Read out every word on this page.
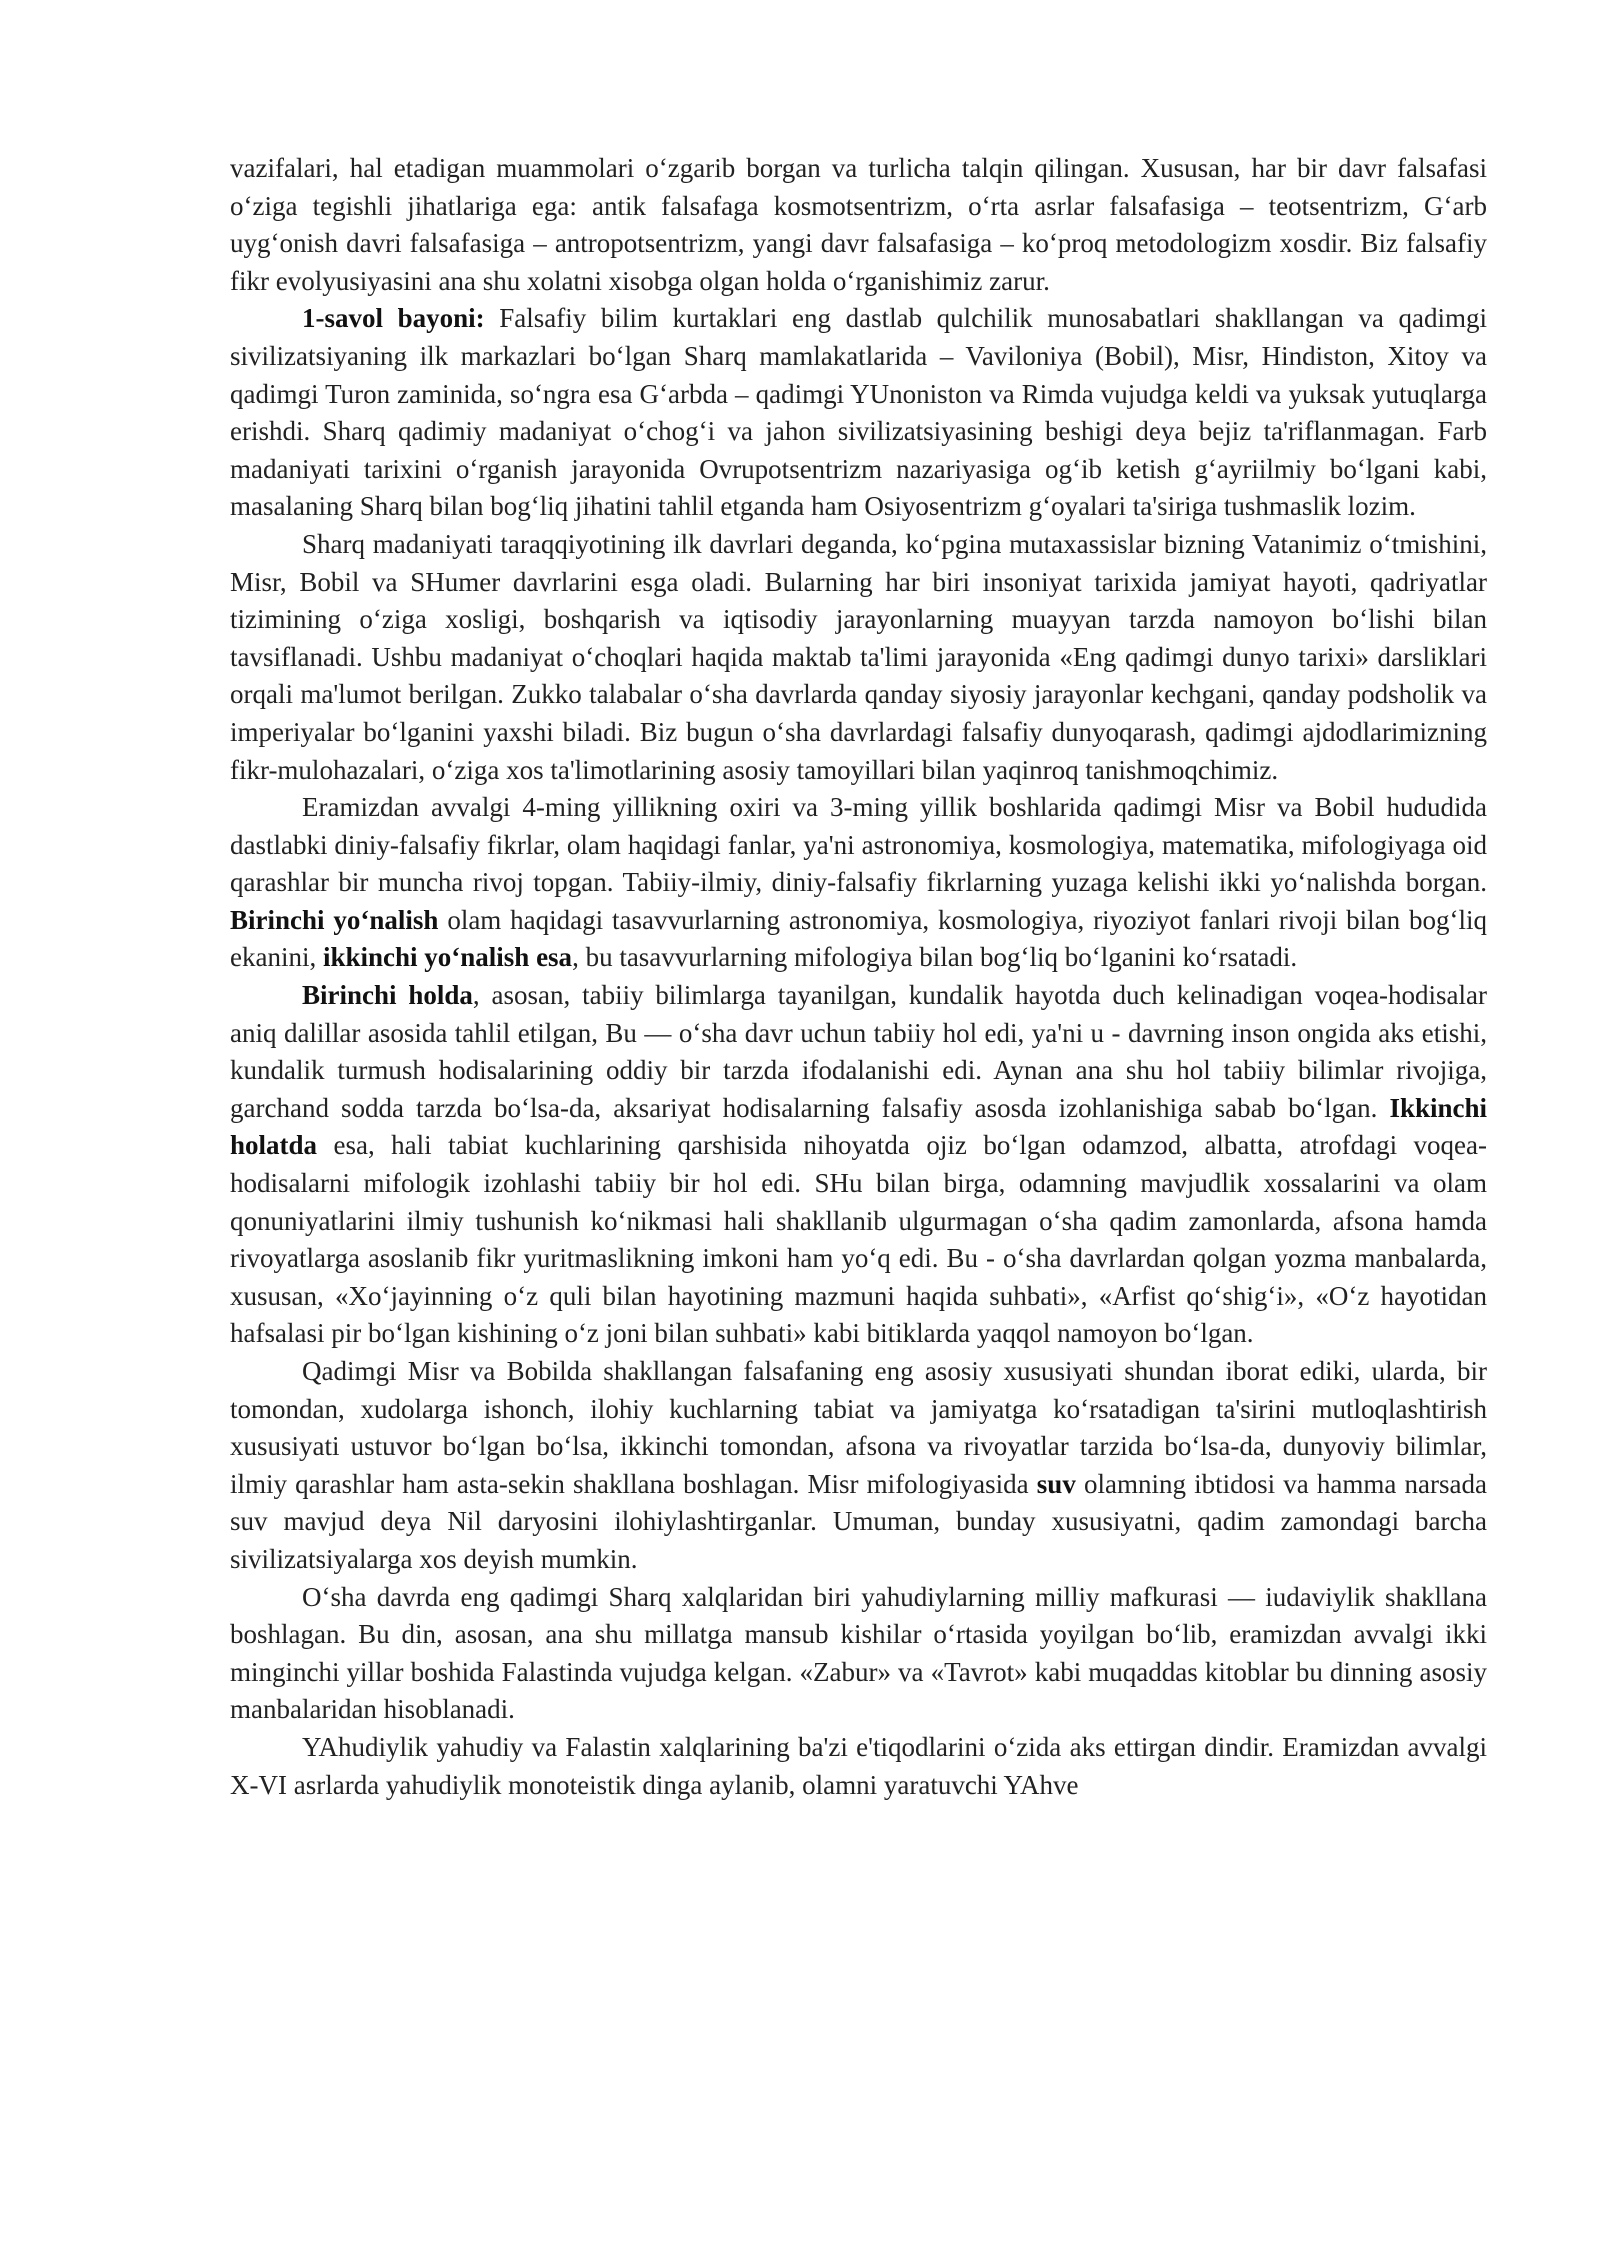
vazifalari, hal etadigan muammolari o‘zgarib borgan va turlicha talqin qilingan. Xususan, har bir davr falsafasi o‘ziga tegishli jihatlariga ega: antik falsafaga kosmotsentrizm, o‘rta asrlar falsafasiga – teotsentrizm, G‘arb uyg‘onish davri falsafasiga – antropotsentrizm, yangi davr falsafasiga – ko‘proq metodologizm xosdir. Biz falsafiy fikr evolyusiyasini ana shu xolatni xisobga olgan holda o‘rganishimiz zarur.

1-savol bayoni: Falsafiy bilim kurtaklari eng dastlab qulchilik munosabatlari shakllangan va qadimgi sivilizatsiyaning ilk markazlari bo‘lgan Sharq mamlakatlarida – Vaviloniya (Bobil), Misr, Hindiston, Xitoy va qadimgi Turon zaminida, so‘ngra esa G‘arbda – qadimgi YUnoniston va Rimda vujudga keldi va yuksak yutuqlarga erishdi. Sharq qadimiy madaniyat o‘chog‘i va jahon sivilizatsiyasining beshigi deya bejiz ta'riflanmagan. Farb madaniyati tarixini o‘rganish jarayonida Ovrupotsentrizm nazariyasiga og‘ib ketish g‘ayriilmiy bo‘lgani kabi, masalaning Sharq bilan bog‘liq jihatini tahlil etganda ham Osiyosentrizm g‘oyalari ta'siriga tushmaslik lozim.

Sharq madaniyati taraqqiyotining ilk davrlari deganda, ko‘pgina mutaxassislar bizning Vatanimiz o‘tmishini, Misr, Bobil va SHumer davrlarini esga oladi. Bularning har biri insoniyat tarixida jamiyat hayoti, qadriyatlar tizimining o‘ziga xosligi, boshqarish va iqtisodiy jarayonlarning muayyan tarzda namoyon bo‘lishi bilan tavsiflanadi. Ushbu madaniyat o‘choqlari haqida maktab ta'limi jarayonida «Eng qadimgi dunyo tarixi» darsliklari orqali ma'lumot berilgan. Zukko talabalar o‘sha davrlarda qanday siyosiy jarayonlar kechgani, qanday podsholik va imperiyalar bo‘lganini yaxshi biladi. Biz bugun o‘sha davrlardagi falsafiy dunyoqarash, qadimgi ajdodlarimizning fikr-mulohazalari, o‘ziga xos ta'limotlarining asosiy tamoyillari bilan yaqinroq tanishmoqchimiz.

Eramizdan avvalgi 4-ming yillikning oxiri va 3-ming yillik boshlarida qadimgi Misr va Bobil hududida dastlabki diniy-falsafiy fikrlar, olam haqidagi fanlar, ya'ni astronomiya, kosmologiya, matematika, mifologiyaga oid qarashlar bir muncha rivoj topgan. Tabiiy-ilmiy, diniy-falsafiy fikrlarning yuzaga kelishi ikki yo‘nalishda borgan. Birinchi yo‘nalish olam haqidagi tasavvurlarning astronomiya, kosmologiya, riyoziyot fanlari rivoji bilan bog‘liq ekanini, ikkinchi yo‘nalish esa, bu tasavvurlarning mifologiya bilan bog‘liq bo‘lganini ko‘rsatadi.

Birinchi holda, asosan, tabiiy bilimlarga tayanilgan, kundalik hayotda duch kelinadigan voqea-hodisalar aniq dalillar asosida tahlil etilgan, Bu — o‘sha davr uchun tabiiy hol edi, ya'ni u - davrning inson ongida aks etishi, kundalik turmush hodisalarining oddiy bir tarzda ifodalanishi edi. Aynan ana shu hol tabiiy bilimlar rivojiga, garchand sodda tarzda bo‘lsa-da, aksariyat hodisalarning falsafiy asosda izohlanishiga sabab bo‘lgan. Ikkinchi holatda esa, hali tabiat kuchlarining qarshisida nihoyatda ojiz bo‘lgan odamzod, albatta, atrofdagi voqea-hodisalarni mifologik izohlashi tabiiy bir hol edi. SHu bilan birga, odamning mavjudlik xossalarini va olam qonuniyatlarini ilmiy tushunish ko‘nikmasi hali shakllanib ulgurmagan o‘sha qadim zamonlarda, afsona hamda rivoyatlarga asoslanib fikr yuritmaslikning imkoni ham yo‘q edi. Bu - o‘sha davrlardan qolgan yozma manbalarda, xususan, «Xo‘jayinning o‘z quli bilan hayotining mazmuni haqida suhbati», «Arfist qo‘shig‘i», «O‘z hayotidan hafsalasi pir bo‘lgan kishining o‘z joni bilan suhbati» kabi bitiklarda yaqqol namoyon bo‘lgan.

Qadimgi Misr va Bobilda shakllangan falsafaning eng asosiy xususiyati shundan iborat ediki, ularda, bir tomondan, xudolarga ishonch, ilohiy kuchlarning tabiat va jamiyatga ko‘rsatadigan ta'sirini mutloqlashtirish xususiyati ustuvor bo‘lgan bo‘lsa, ikkinchi tomondan, afsona va rivoyatlar tarzida bo‘lsa-da, dunyoviy bilimlar, ilmiy qarashlar ham asta-sekin shakllana boshlagan. Misr mifologiyasida suv olamning ibtidosi va hamma narsada suv mavjud deya Nil daryosini ilohiylashtirganlar. Umuman, bunday xususiyatni, qadim zamondagi barcha sivilizatsiyalarga xos deyish mumkin.

O‘sha davrda eng qadimgi Sharq xalqlaridan biri yahudiylarning milliy mafkurasi — iudaviylik shakllana boshlagan. Bu din, asosan, ana shu millatga mansub kishilar o‘rtasida yoyilgan bo‘lib, eramizdan avvalgi ikki minginchi yillar boshida Falastinda vujudga kelgan. «Zabur» va «Tavrot» kabi muqaddas kitoblar bu dinning asosiy manbalaridan hisoblanadi.

YAhudiylik yahudiy va Falastin xalqlarining ba'zi e'tiqodlarini o‘zida aks ettirgan dindir. Eramizdan avvalgi X-VI asrlarda yahudiylik monoteistik dinga aylanib, olamni yaratuvchi YAhve
